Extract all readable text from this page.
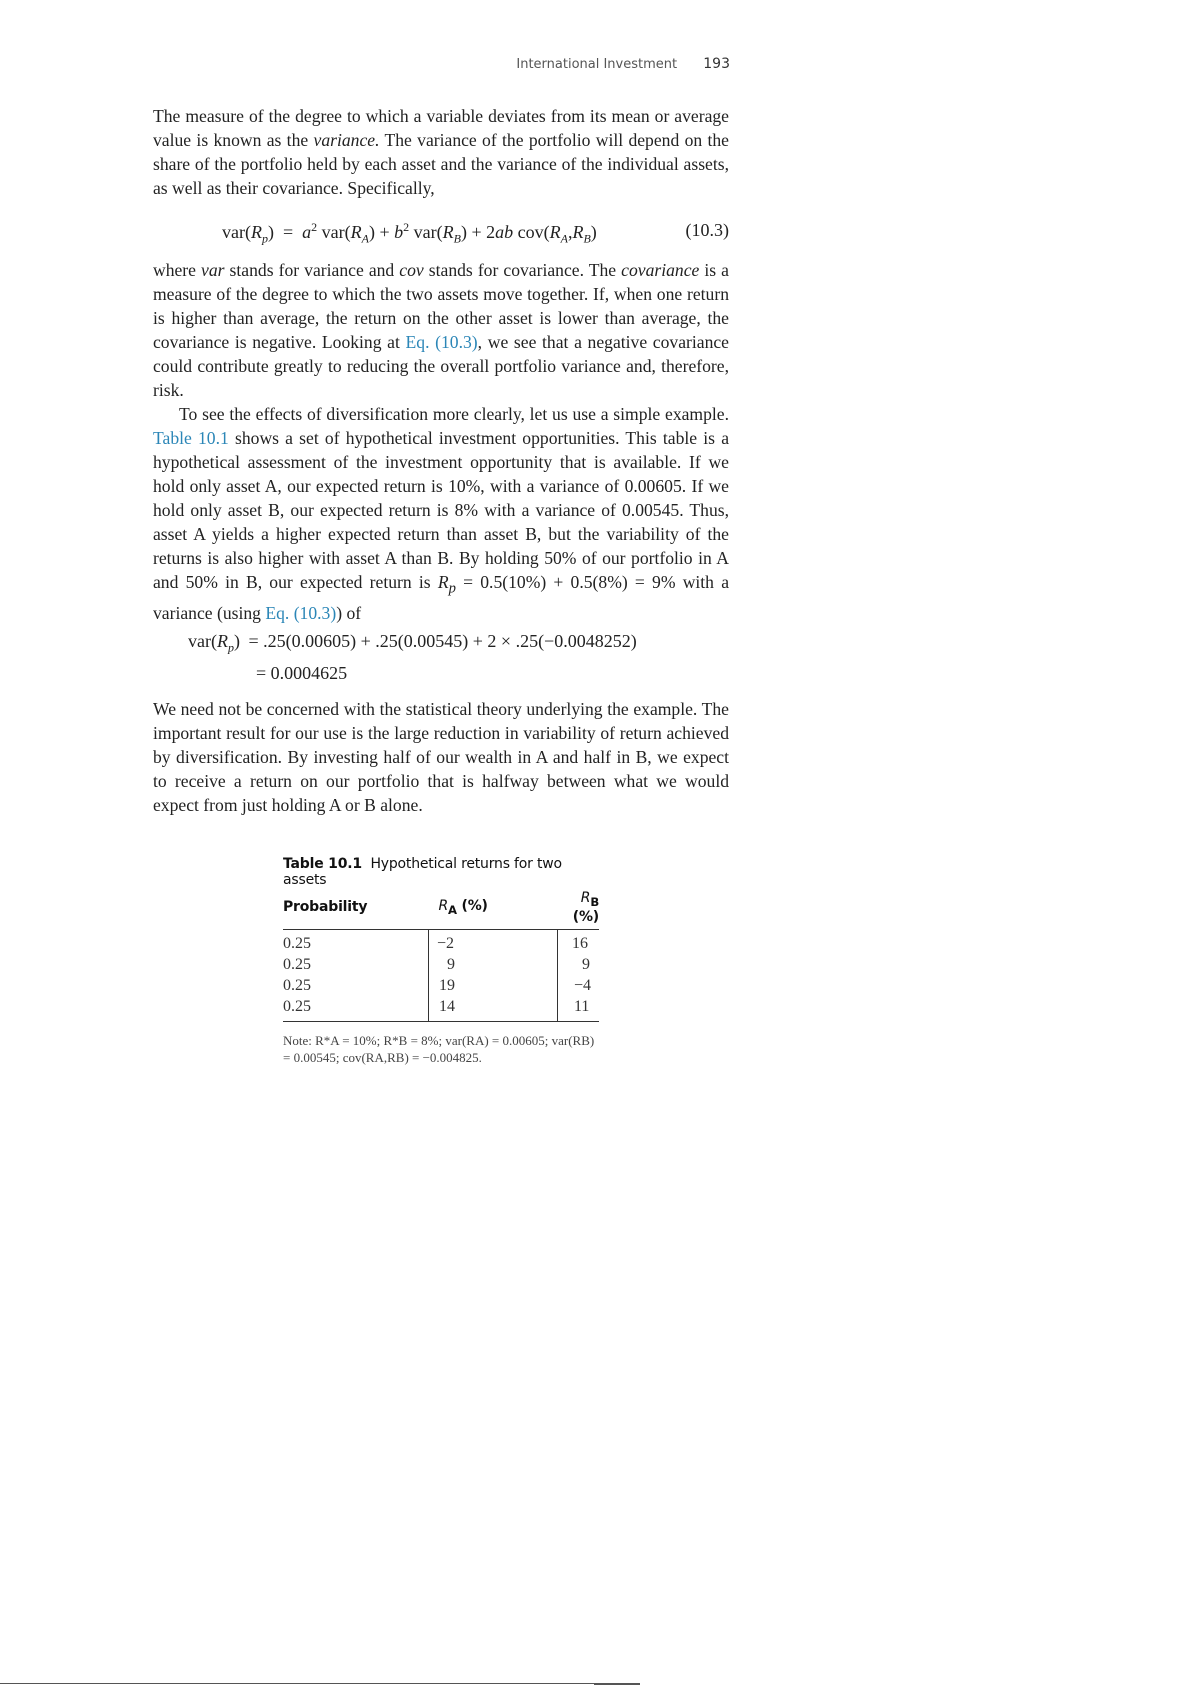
International Investment 193

The measure of the degree to which a variable deviates from its mean or average value is known as the variance. The variance of the portfolio will depend on the share of the portfolio held by each asset and the variance of the individual assets, as well as their covariance. Specifically,

$var(R_p) = a^2$ $var(R_A) + b^2$ $var(R_B) + 2ab$ $cov(R_A,R_B)$	(10.3)

where var stands for variance and cov stands for covariance. The covariance is a measure of the degree to which the two assets move together. If, when one return is higher than average, the return on the other asset is lower than average, the covariance is negative. Looking at Eq. (10.3), we see that a negative covariance could contribute greatly to reducing the overall portfolio variance and, therefore, risk.

To see the effects of diversification more clearly, let us use a simple example. Table 10.1 shows a set of hypothetical investment opportunities. This table is a hypothetical assessment of the investment opportunity that is available. If we hold only asset A, our expected return is 10%, with a variance of 0.00605. If we hold only asset B, our expected return is 8% with a variance of 0.00545. Thus, asset A yields a higher expected return than asset B, but the variability of the returns is also higher with asset A than B. By holding 50% of our portfolio in A and 50% in B, our expected return is $R_p = 0.5(10\%) + 0.5(8\%) = 9\%$ with a variance (using Eq. (10.3)) of

$var(R_p) = .25(0.00605) + .25(0.00545) + 2 \times .25(-0.0048252)$
= 0.0004625

We need not be concerned with the statistical theory underlying the example. The important result for our use is the large reduction in variability of return achieved by diversification. By investing half of our wealth in A and half in B, we expect to receive a return on our portfolio that is halfway between what we would expect from just holding A or B alone.

Table 10.1 Hypothetical returns for two assets
Probability	$R_A$ (%)	$R_B$ (%)
0.25	−2	16
0.25	9	9
0.25	19	−4
0.25	14	11
Note: R*A = 10%; R*B = 8%; var(RA) = 0.00605; var(RB) = 0.00545; cov(RA,RB) = −0.004825.
